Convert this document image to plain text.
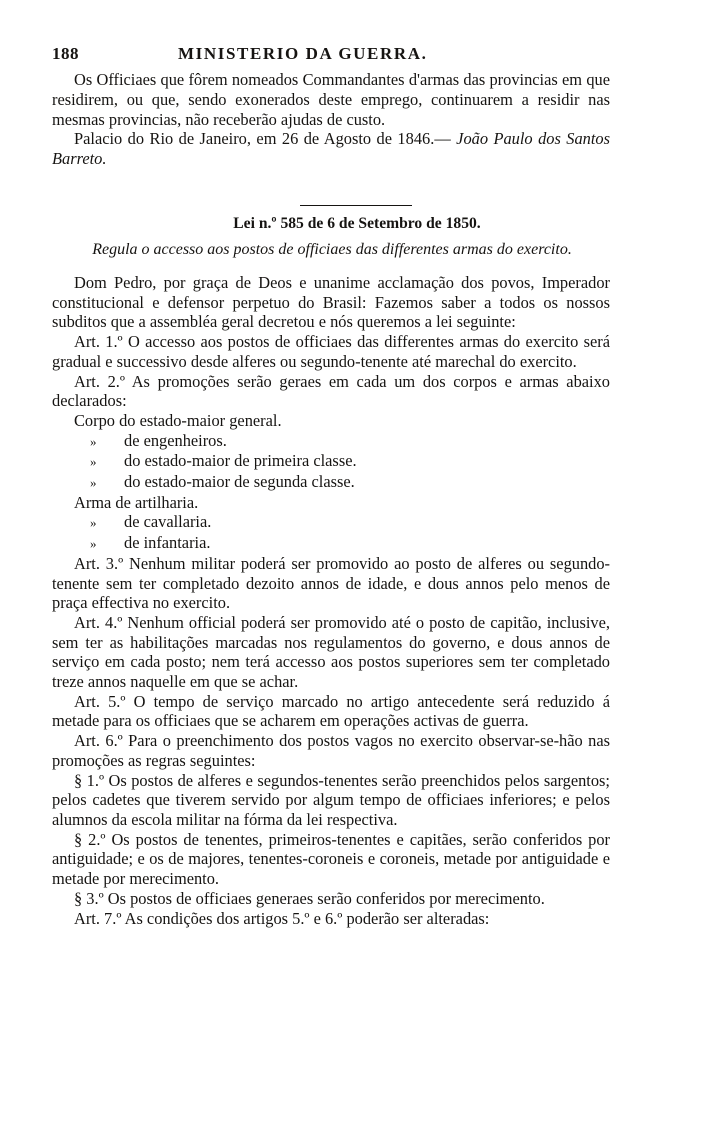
188	MINISTERIO DA GUERRA.

Os Officiaes que fôrem nomeados Commandantes d'armas das provincias em que residirem, ou que, sendo exonerados deste emprego, continuarem a residir nas mesmas provincias, não receberão ajudas de custo.

Palacio do Rio de Janeiro, em 26 de Agosto de 1846.— João Paulo dos Santos Barreto.

Lei n.º 585 de 6 de Setembro de 1850.

Regula o accesso aos postos de officiaes das differentes armas do exercito.

Dom Pedro, por graça de Deos e unanime acclamação dos povos, Imperador constitucional e defensor perpetuo do Brasil: Fazemos saber a todos os nossos subditos que a assembléa geral decretou e nós queremos a lei seguinte:

Art. 1.º O accesso aos postos de officiaes das differentes armas do exercito será gradual e successivo desde alferes ou segundo-tenente até marechal do exercito.

Art. 2.º As promoções serão geraes em cada um dos corpos e armas abaixo declarados:

Corpo do estado-maior general.

» de engenheiros.

» do estado-maior de primeira classe.

» do estado-maior de segunda classe.

Arma de artilharia.

» de cavallaria.

» de infantaria.

Art. 3.º Nenhum militar poderá ser promovido ao posto de alferes ou segundo-tenente sem ter completado dezoito annos de idade, e dous annos pelo menos de praça effectiva no exercito.

Art. 4.º Nenhum official poderá ser promovido até o posto de capitão, inclusive, sem ter as habilitações marcadas nos regulamentos do governo, e dous annos de serviço em cada posto; nem terá accesso aos postos superiores sem ter completado treze annos naquelle em que se achar.

Art. 5.º O tempo de serviço marcado no artigo antecedente será reduzido á metade para os officiaes que se acharem em operações activas de guerra.

Art. 6.º Para o preenchimento dos postos vagos no exercito observar-se-hão nas promoções as regras seguintes:

§ 1.º Os postos de alferes e segundos-tenentes serão preenchidos pelos sargentos; pelos cadetes que tiverem servido por algum tempo de officiaes inferiores; e pelos alumnos da escola militar na fórma da lei respectiva.

§ 2.º Os postos de tenentes, primeiros-tenentes e capitães, serão conferidos por antiguidade; e os de majores, tenentes-coroneis e coroneis, metade por antiguidade e metade por merecimento.

§ 3.º Os postos de officiaes generaes serão conferidos por merecimento.

Art. 7.º As condições dos artigos 5.º e 6.º poderão ser alteradas:
